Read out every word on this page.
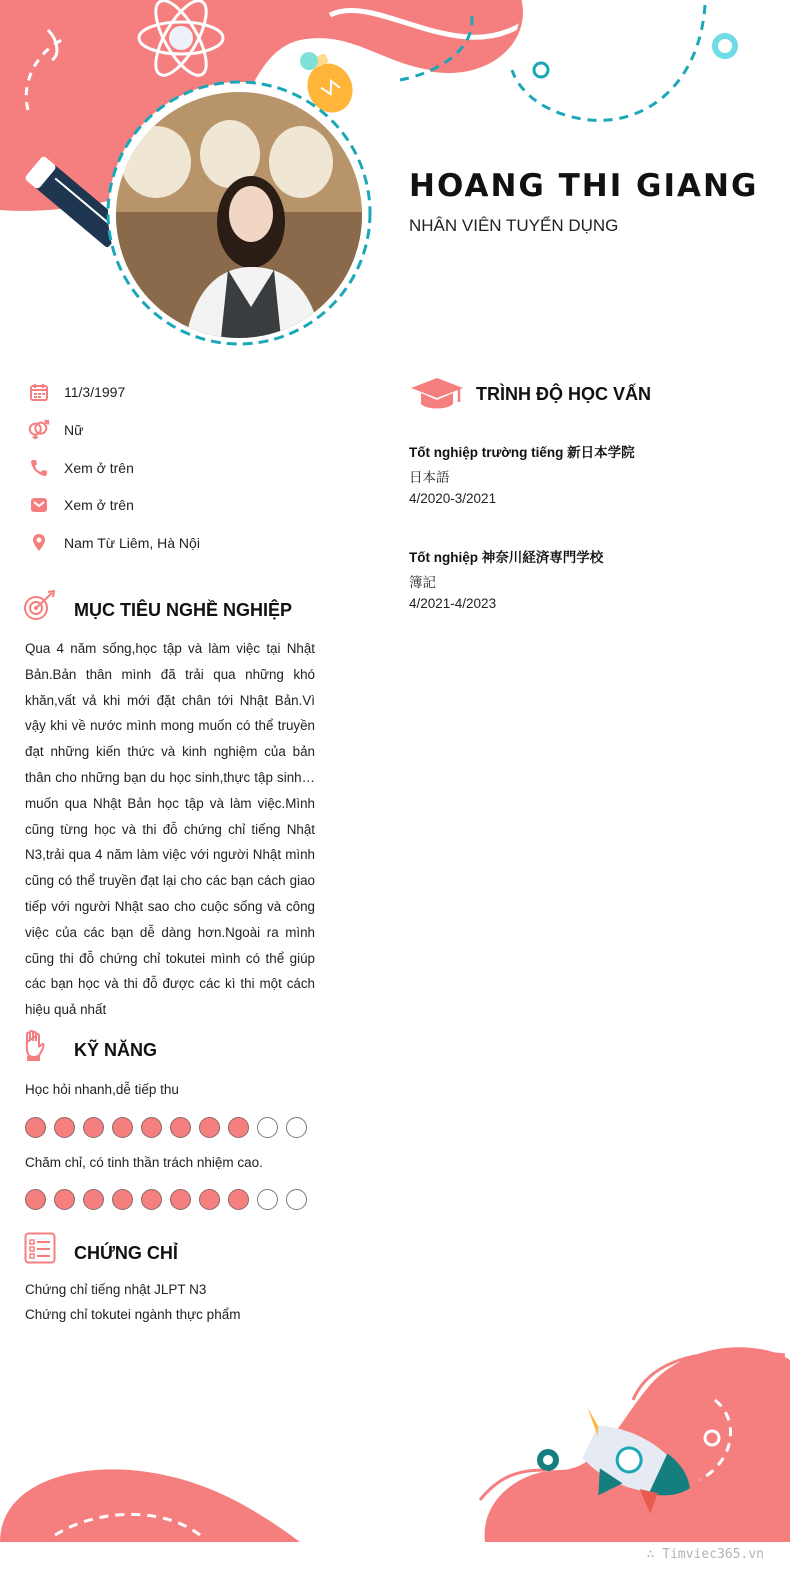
HOANG THI GIANG
NHÂN VIÊN TUYỂN DỤNG
11/3/1997
Nữ
Xem ở trên
Xem ở trên
Nam Từ Liêm, Hà Nội
MỤC TIÊU NGHỀ NGHIỆP
Qua 4 năm sống,học tập và làm việc tại Nhật Bản.Bản thân mình đã trải qua những khó khăn,vất vả khi mới đặt chân tới Nhật Bản.Vì vậy khi về nước mình mong muốn có thể truyền đạt những kiến thức và kinh nghiệm của bản thân cho những bạn du học sinh,thực tập sinh…muốn qua Nhật Bản học tập và làm việc.Mình cũng từng học và thi đỗ chứng chỉ tiếng Nhật N3,trải qua 4 năm làm việc với người Nhật mình cũng có thể truyền đạt lại cho các bạn cách giao tiếp với người Nhật sao cho cuộc sống và công việc của các bạn dễ dàng hơn.Ngoài ra mình cũng thi đỗ chứng chỉ tokutei mình có thể giúp các bạn học và thi đỗ được các kì thi một cách hiệu quả nhất
KỸ NĂNG
Học hỏi nhanh,dễ tiếp thu
Chăm chỉ, có tinh thần trách nhiệm cao.
CHỨNG CHỈ
Chứng chỉ tiếng nhật JLPT N3
Chứng chỉ tokutei ngành thực phẩm
TRÌNH ĐỘ HỌC VẤN
Tốt nghiệp trường tiếng 新日本学院
日本語
4/2020-3/2021
Tốt nghiệp 神奈川経済専門学校
簿記
4/2021-4/2023
∴ Timviec365.vn
